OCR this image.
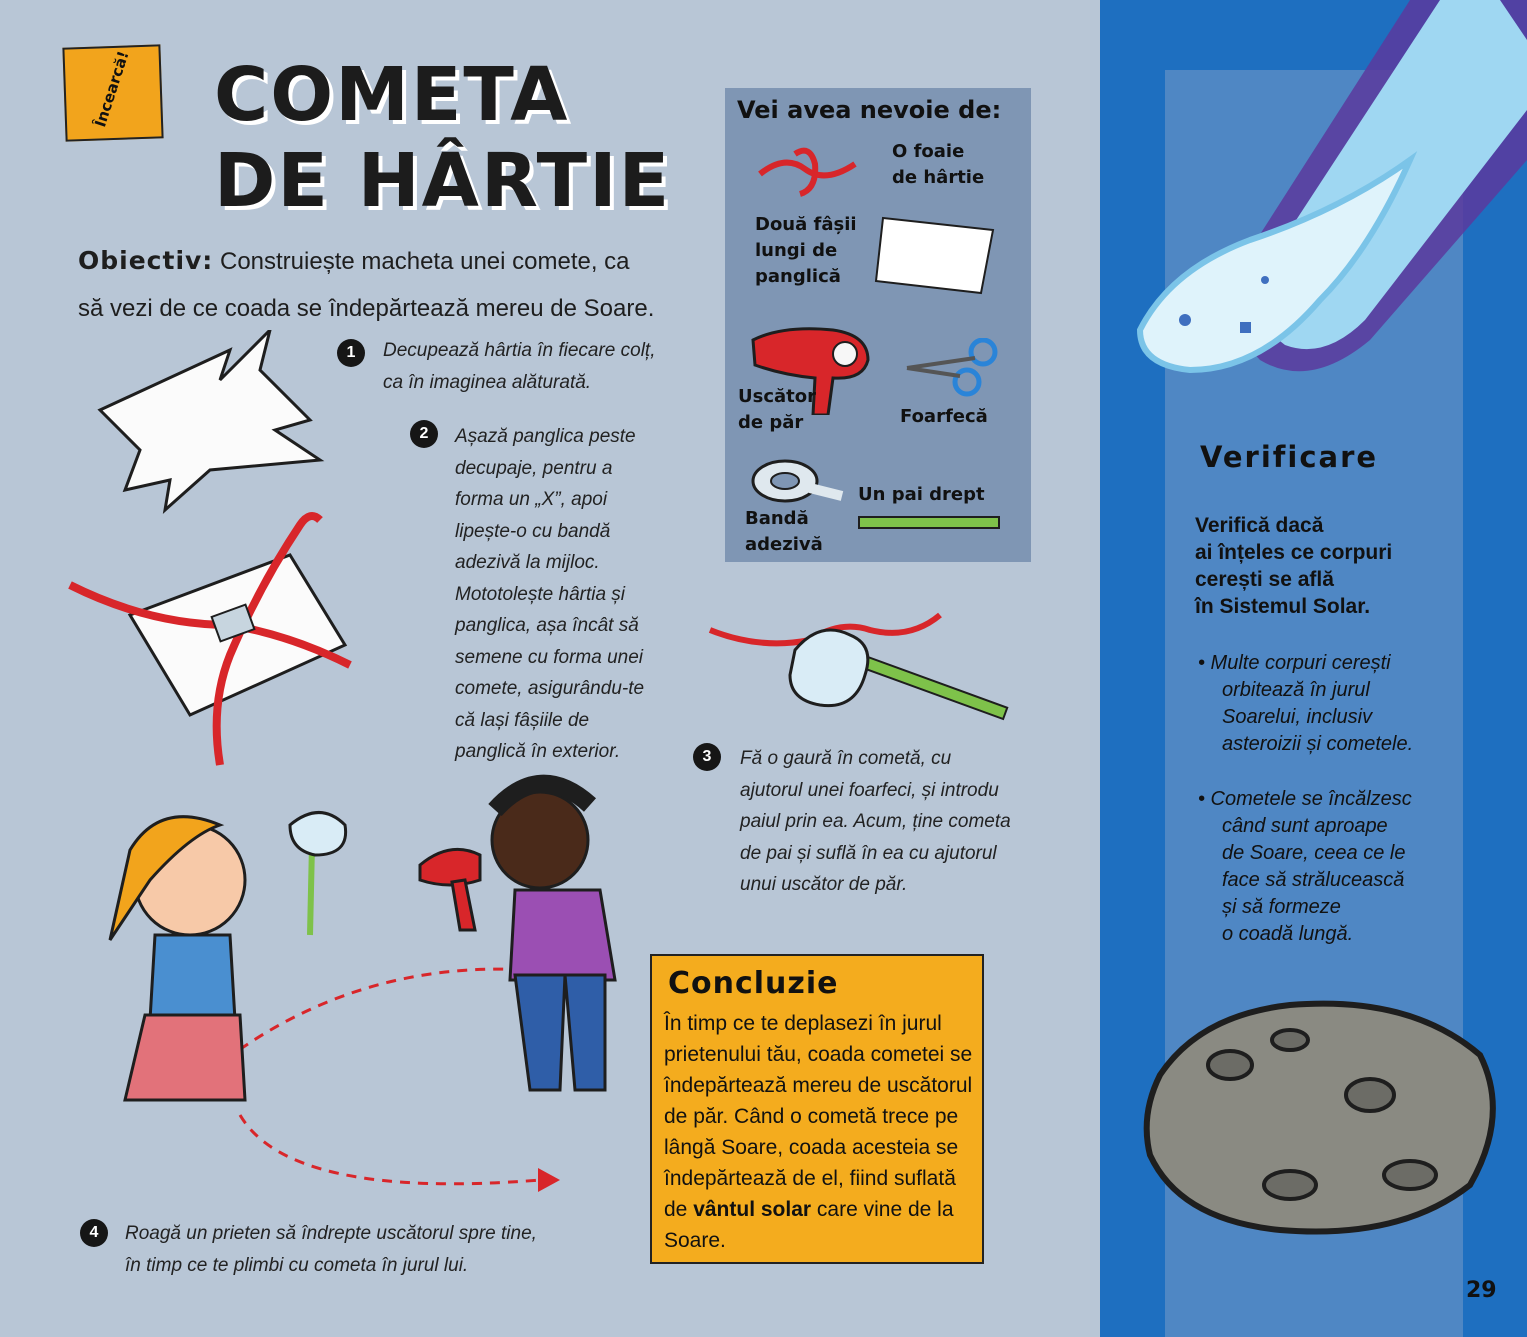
Încearcă! COMETA
DE HÂRTIE
Obiectiv: Construiește macheta unei comete, ca
să vezi de ce coada se îndepărtează mereu de Soare.
1	Decupează hârtia în fiecare colț,
ca în imaginea alăturată.
2	Așază panglica peste
decupaje, pentru a
forma un „X”, apoi
lipește-o cu bandă
adezivă la mijloc.
Mototolește hârtia și
panglica, așa încât să
semene cu forma unei
comete, asigurându-te
că lași fâșiile de
panglică în exterior.	3	Fă o gaură în cometă, cu
ajutorul unei foarfeci, și introdu
paiul prin ea. Acum, ține cometa
de pai și suflă în ea cu ajutorul
unui uscător de păr.
Vei avea nevoie de:
O foaie
de hârtie
Două fâșii
lungi de
panglică
Uscător
de păr	Foarfecă
Un pai drept
Bandă
adezivă
4	Roagă un prieten să îndrepte uscătorul spre tine,
în timp ce te plimbi cu cometa în jurul lui.
Concluzie

În timp ce te deplasezi în jurul prietenului tău, coada cometei se îndepărtează mereu de uscătorul de păr. Când o cometă trece pe lângă Soare, coada acesteia se îndepărtează de el, fiind suflată de vântul solar care vine de la Soare.

Verificare
Verifică dacă
ai înțeles ce corpuri
cerești se află
în Sistemul Solar.
• Multe corpuri cerești
orbitează în jurul
Soarelui, inclusiv
asteroizii și cometele.
• Cometele se încălzesc
când sunt aproape
de Soare, ceea ce le
face să strălucească
și să formeze
o coadă lungă.
29
